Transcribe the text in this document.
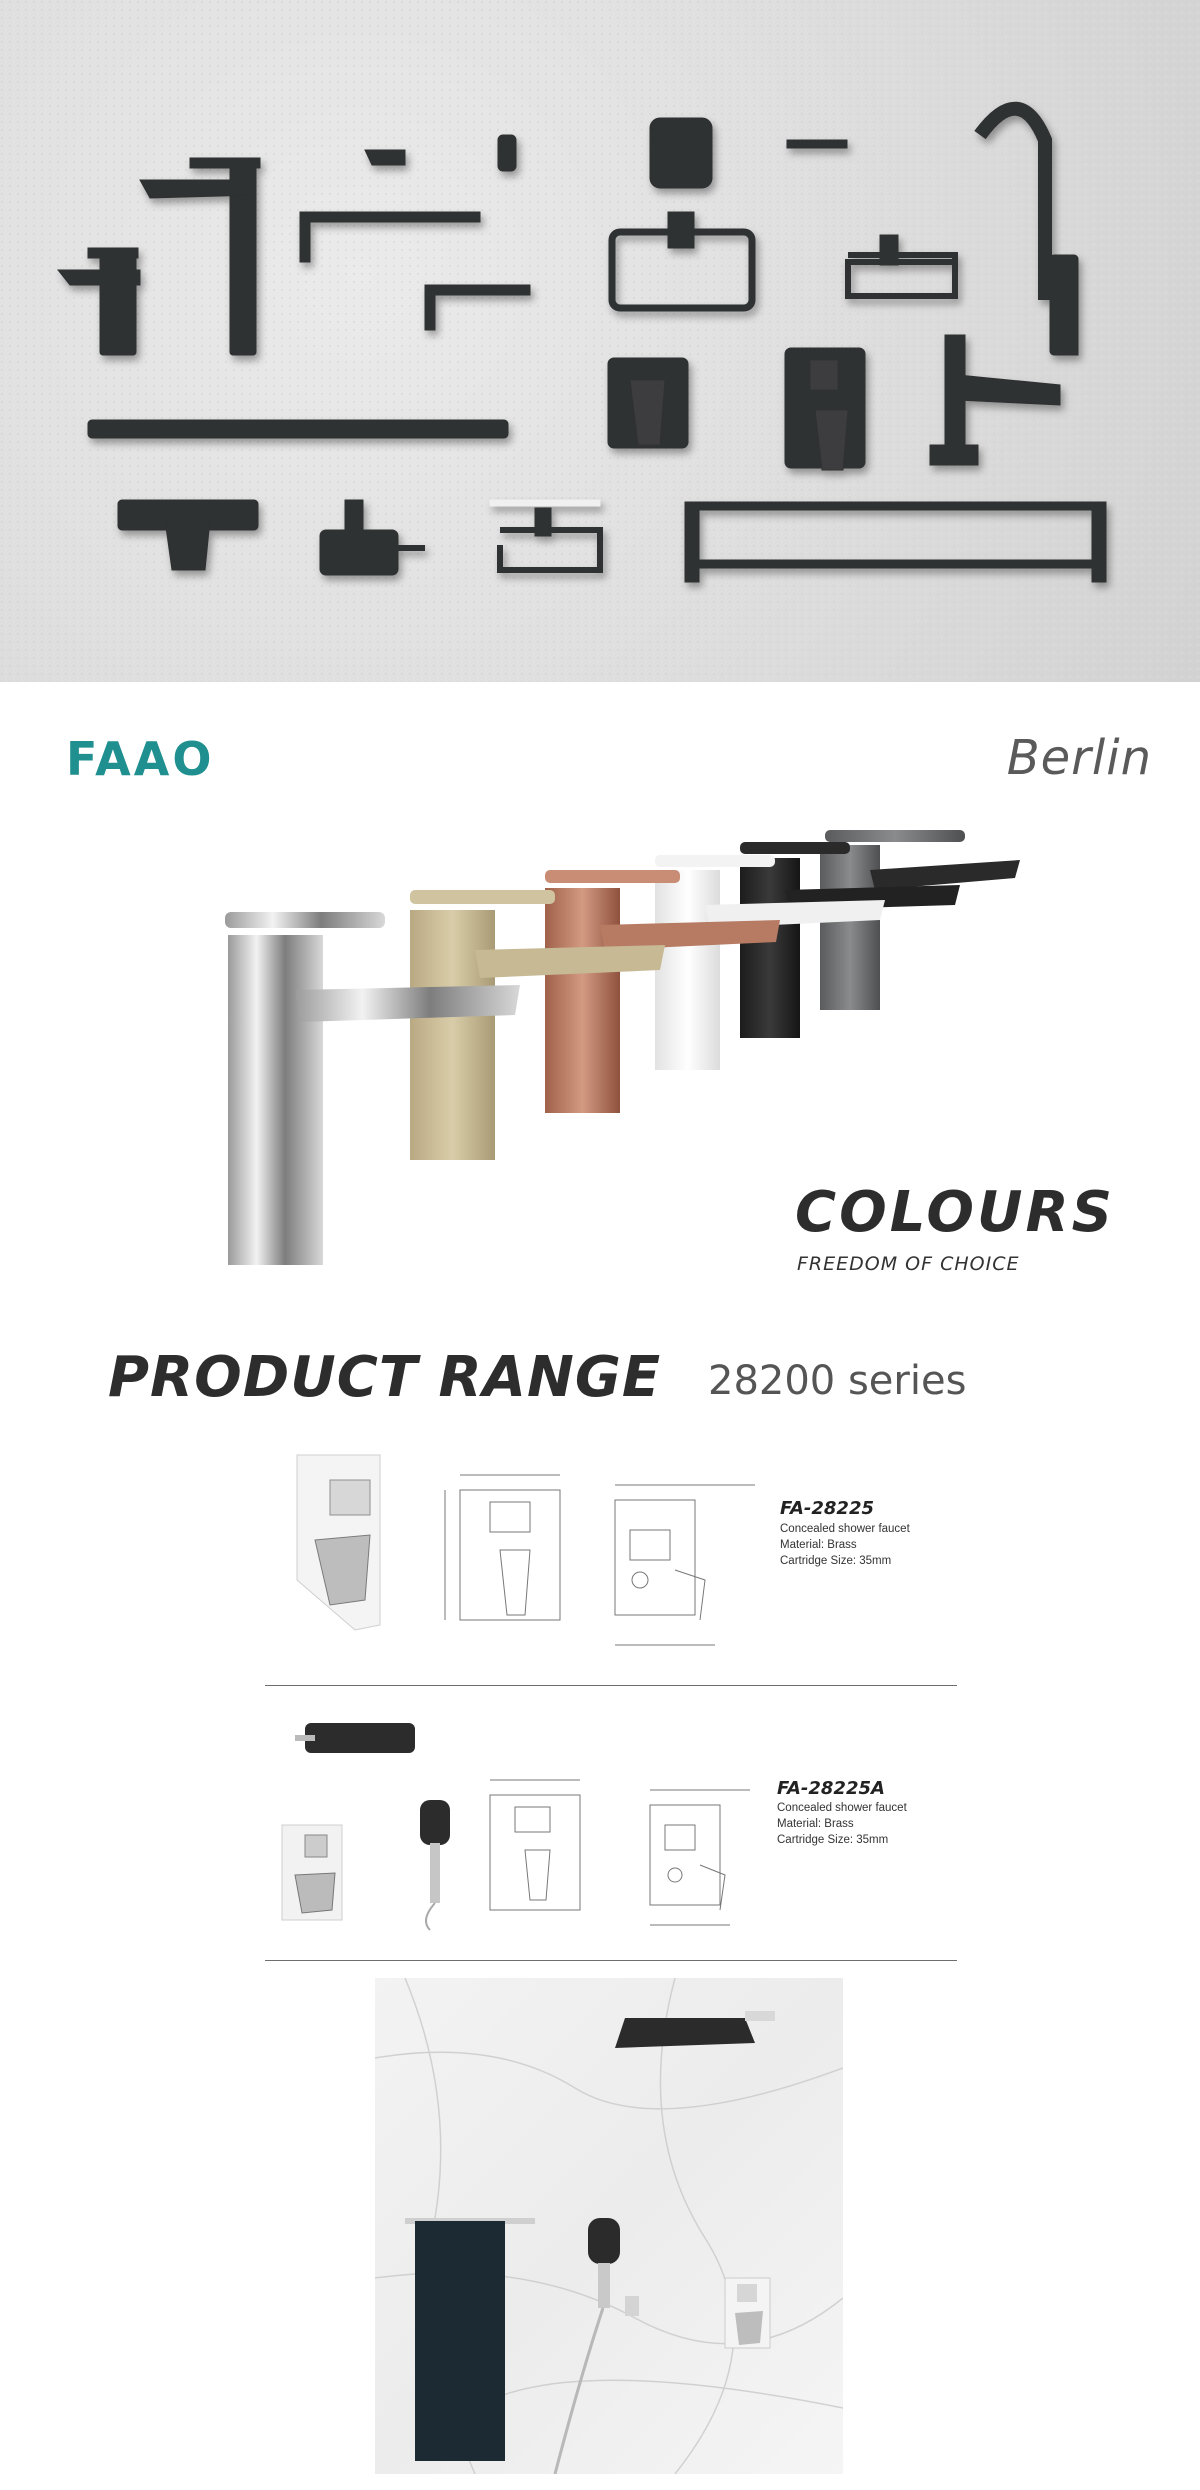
FAAO	Berlin
COLOURS
FREEDOM OF CHOICE
PRODUCT RANGE 28200 series
FA-28225
Concealed shower faucet
Material: Brass
Cartridge Size: 35mm
FA-28225A
Concealed shower faucet
Material: Brass
Cartridge Size: 35mm
